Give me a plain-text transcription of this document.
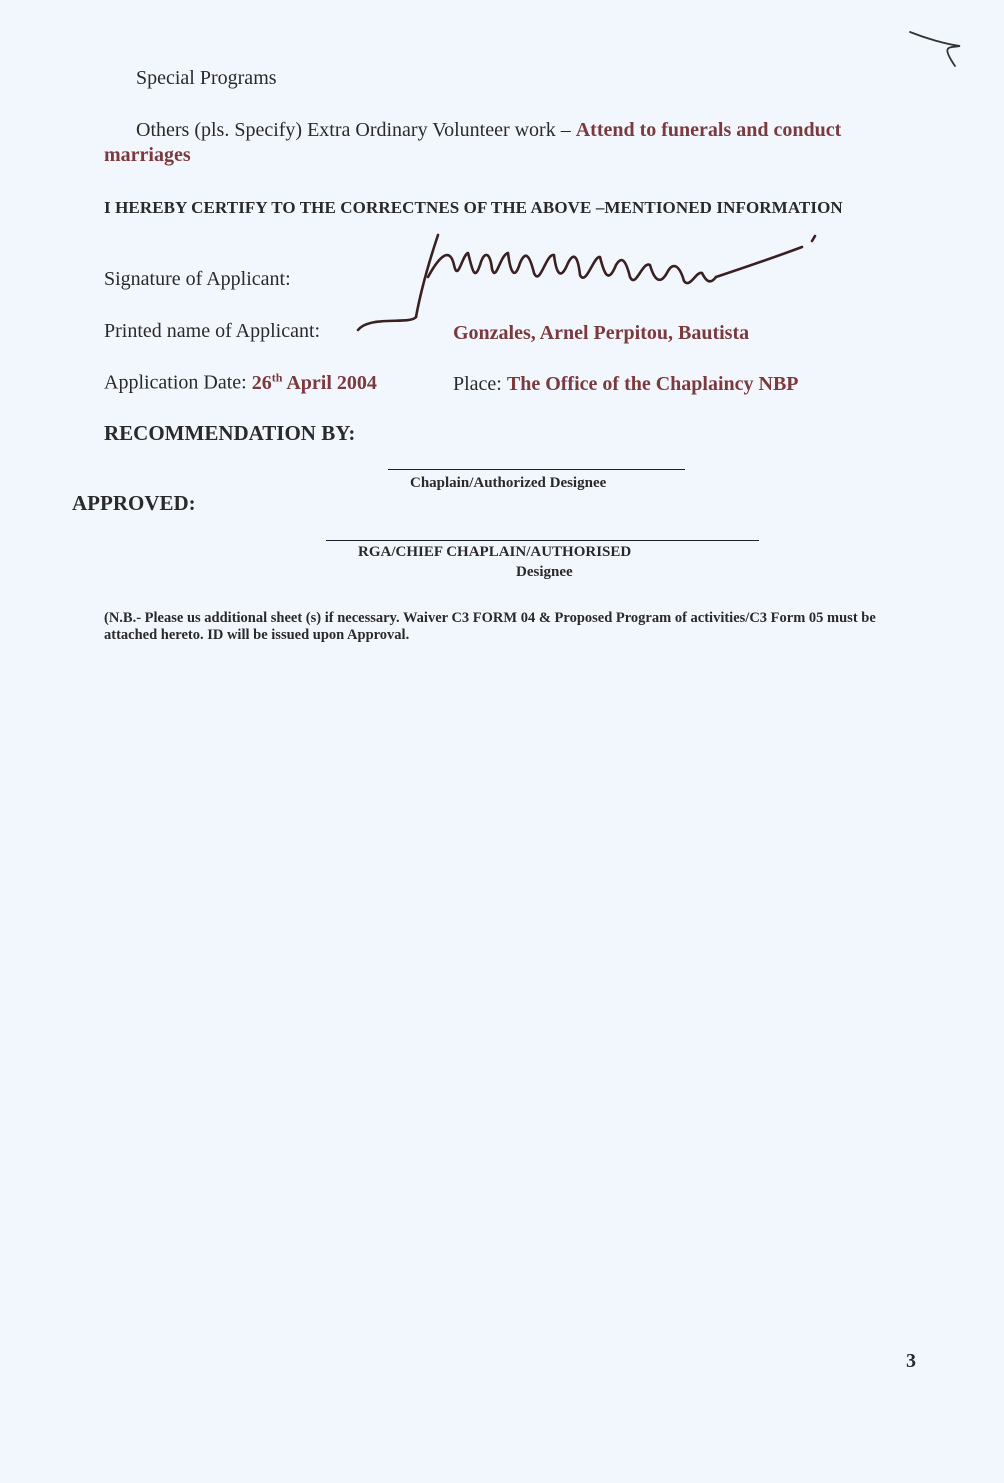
Special Programs
Others (pls. Specify) Extra Ordinary Volunteer work – Attend to funerals and conduct
marriages
I HEREBY CERTIFY TO THE CORRECTNES OF THE ABOVE –MENTIONED INFORMATION
Signature of Applicant:
Printed name of Applicant:	Gonzales, Arnel Perpitou, Bautista
Application Date: 26th April 2004	Place: The Office of the Chaplaincy NBP
RECOMMENDATION BY:
Chaplain/Authorized Designee
APPROVED:
RGA/CHIEF CHAPLAIN/AUTHORISED
Designee
(N.B.- Please us additional sheet (s) if necessary. Waiver C3 FORM 04 & Proposed Program of activities/C3 Form 05 must be attached hereto. ID will be issued upon Approval.
3
